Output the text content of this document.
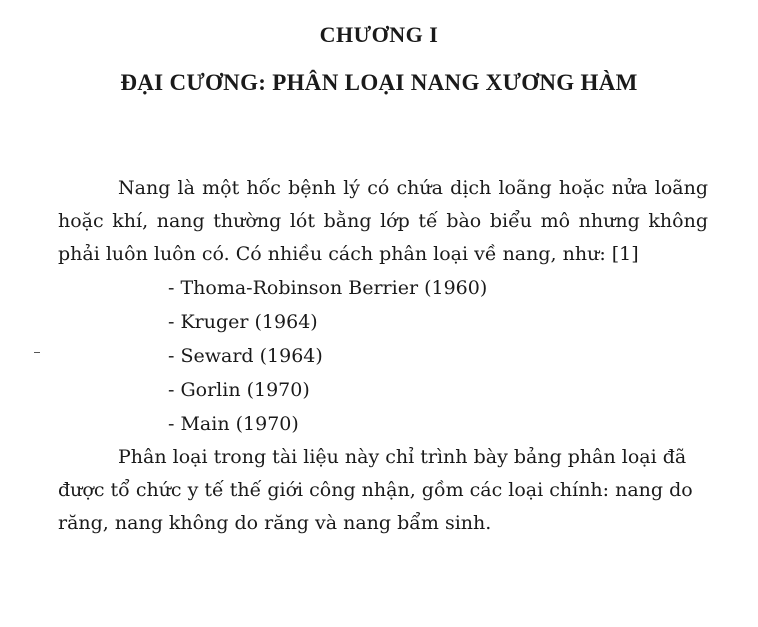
CHƯƠNG I
ĐẠI CƯƠNG: PHÂN LOẠI NANG XƯƠNG HÀM

Nang là một hốc bệnh lý có chứa dịch loãng hoặc nửa loãng hoặc khí, nang thường lót bằng lớp tế bào biểu mô nhưng không phải luôn luôn có. Có nhiều cách phân loại về nang, như: [1]

- Thoma-Robinson Berrier (1960)
- Kruger (1964)
- Seward (1964)
- Gorlin (1970)
- Main (1970)

Phân loại trong tài liệu này chỉ trình bày bảng phân loại đã được tổ chức y tế thế giới công nhận, gồm các loại chính: nang do răng, nang không do răng và nang bẩm sinh.
